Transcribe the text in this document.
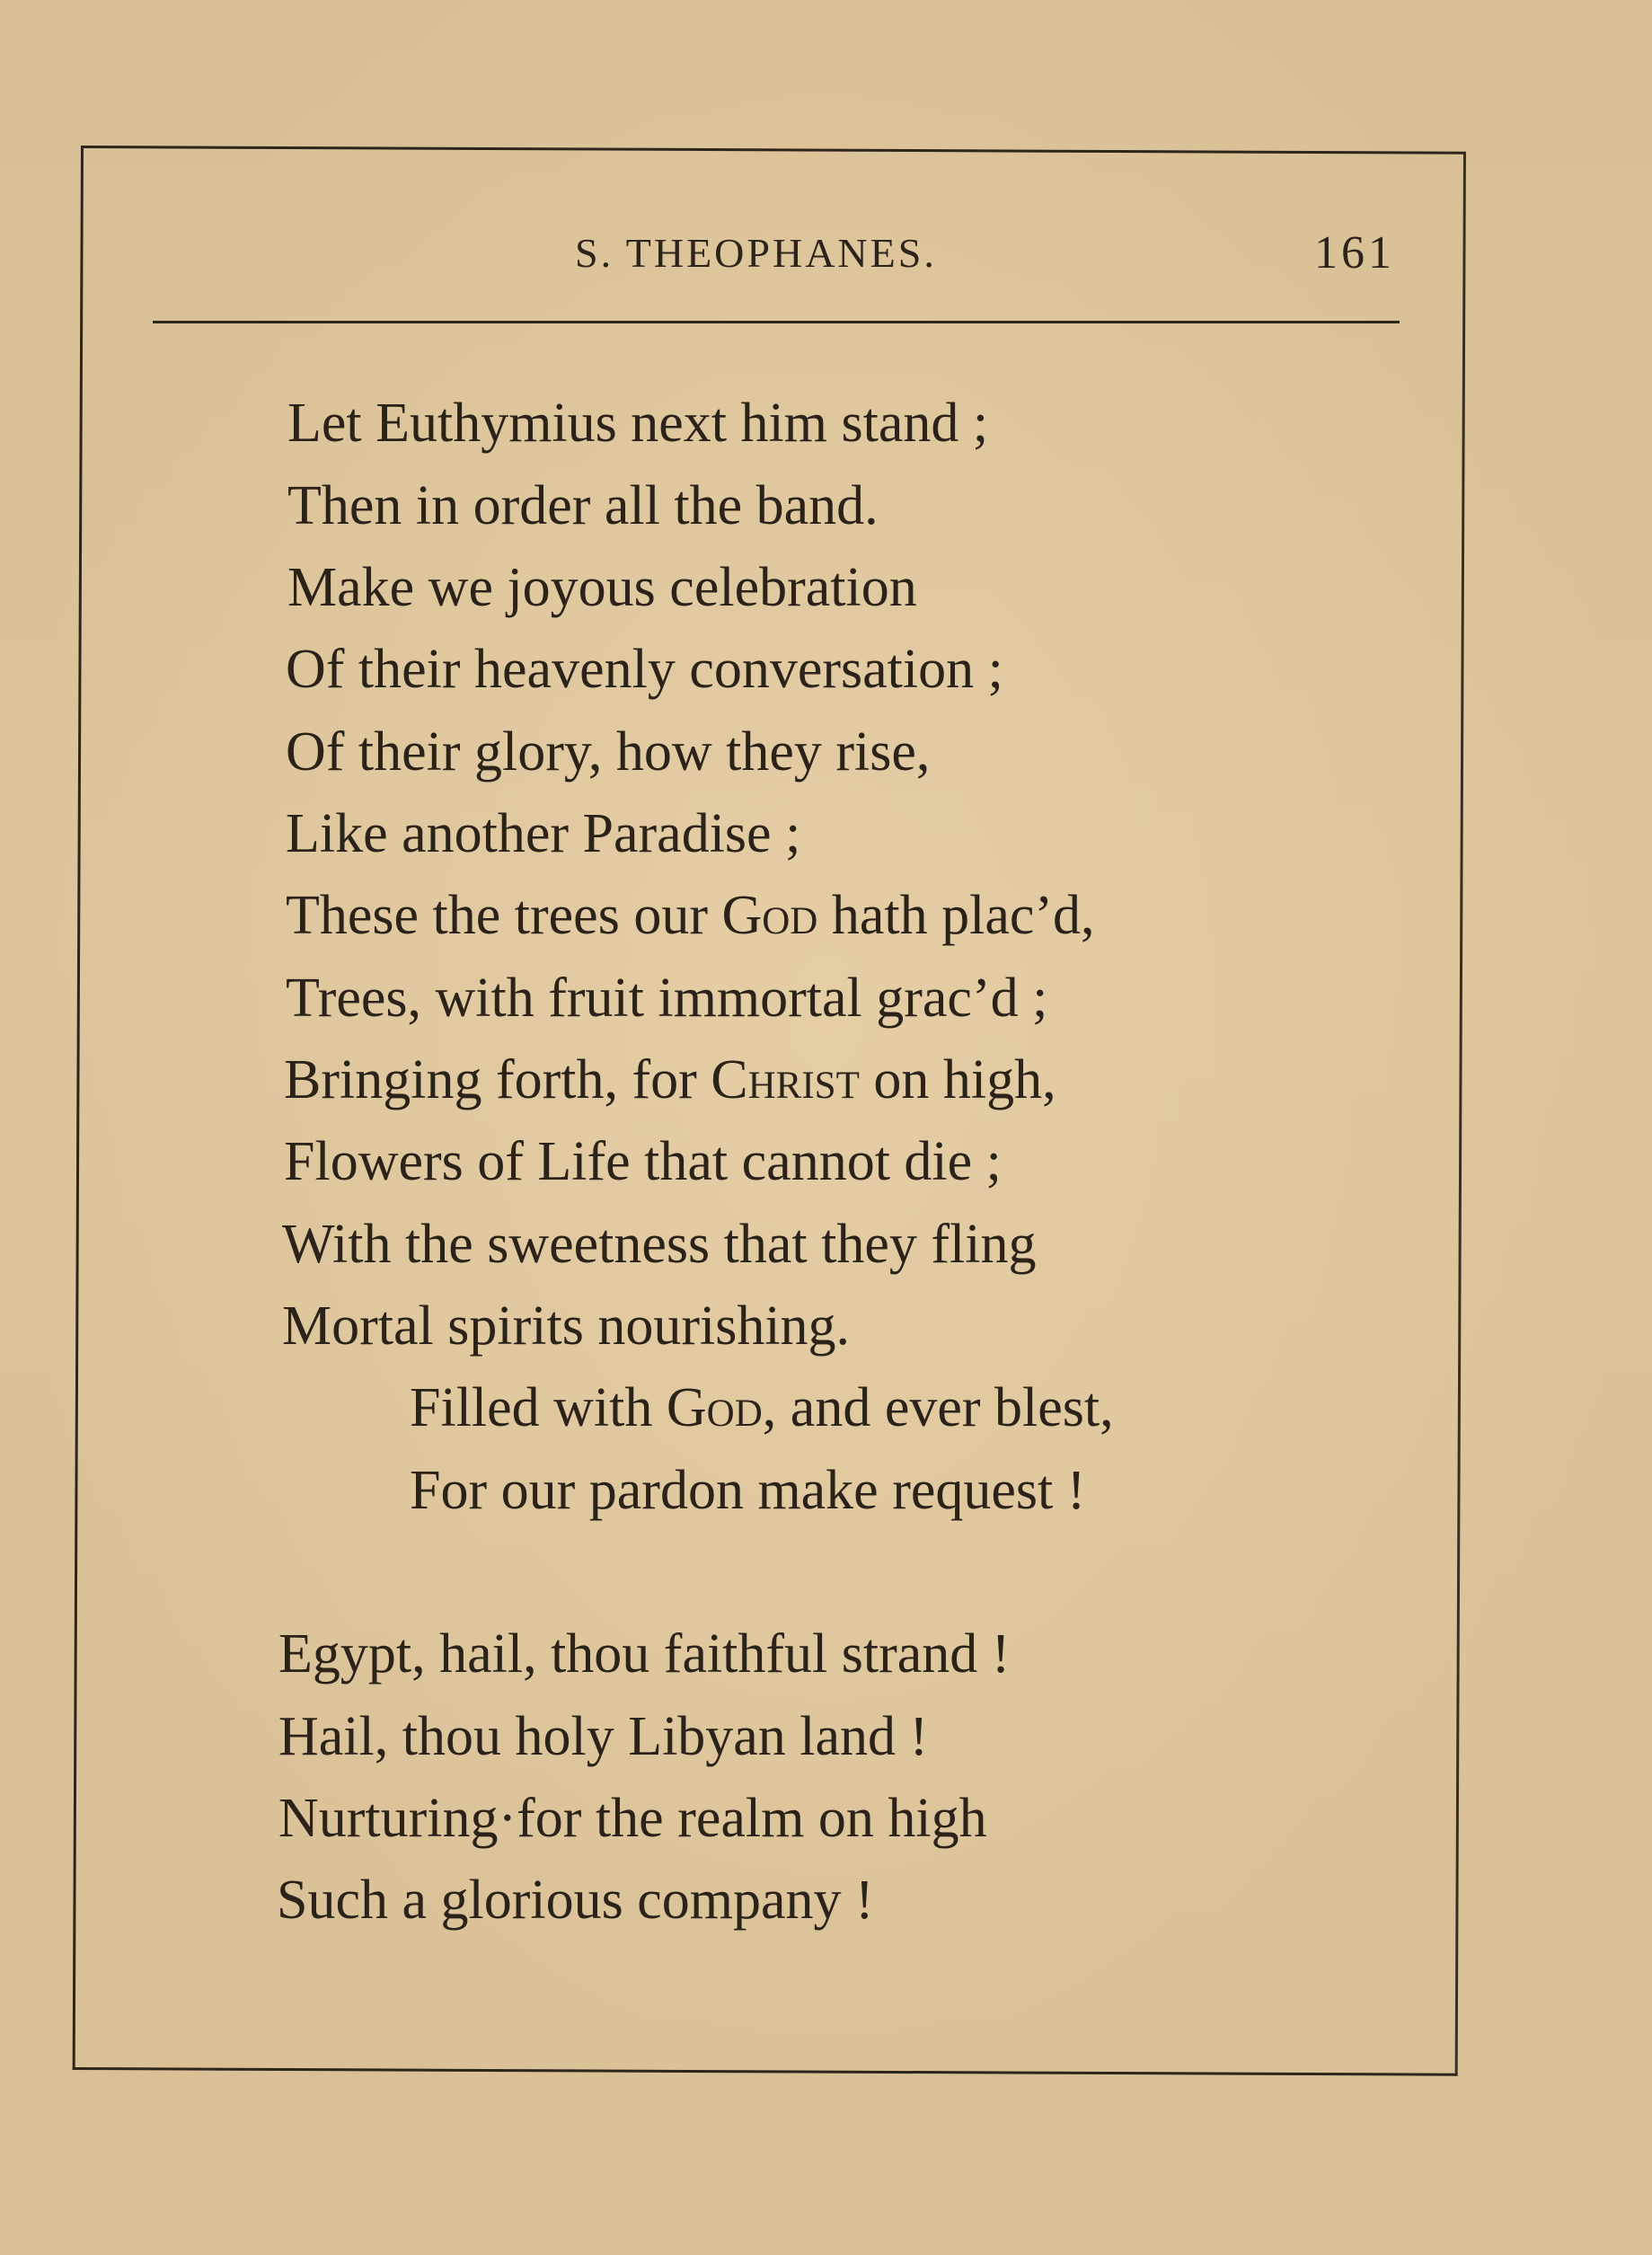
S. THEOPHANES.	161
Let Euthymius next him stand ;
Then in order all the band.
Make we joyous celebration
Of their heavenly conversation ;
Of their glory, how they rise,
Like another Paradise ;
These the trees our God hath plac’d,
Trees, with fruit immortal grac’d ;
Bringing forth, for Christ on high,
Flowers of Life that cannot die ;
With the sweetness that they fling
Mortal spirits nourishing.
Filled with God, and ever blest,
For our pardon make request !
Egypt, hail, thou faithful strand !
Hail, thou holy Libyan land !
Nurturing·for the realm on high
Such a glorious company !
